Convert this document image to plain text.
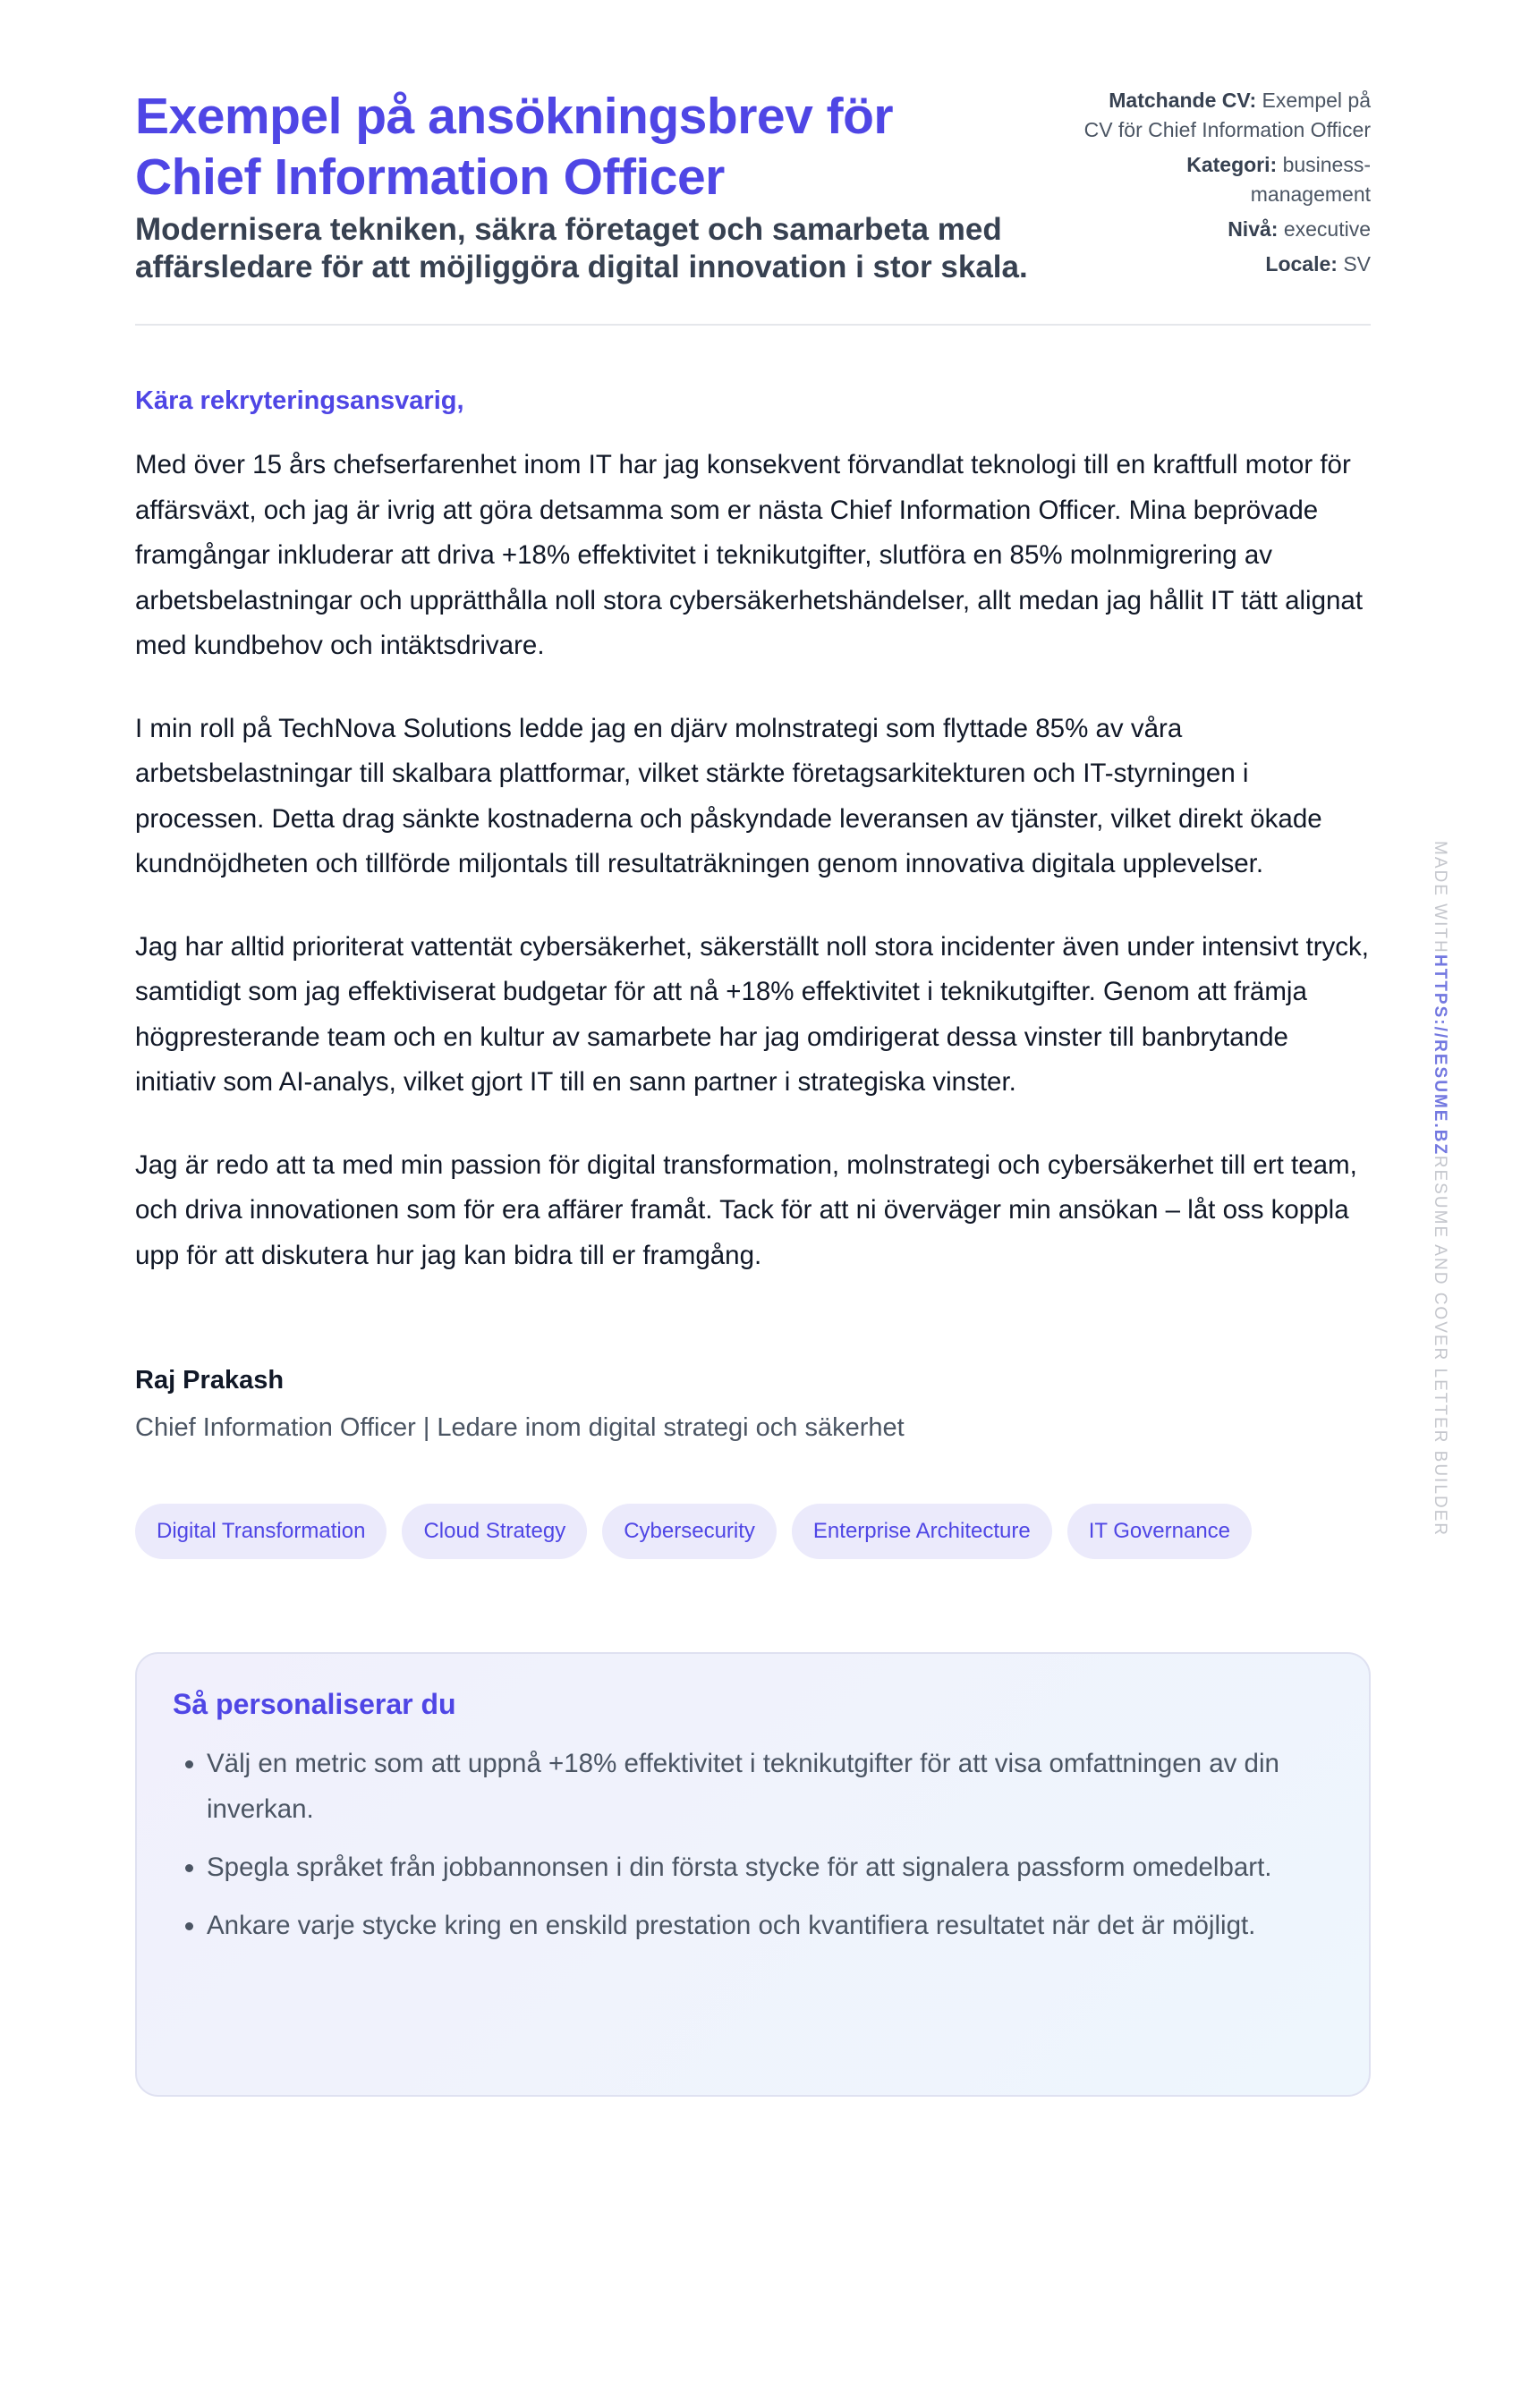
Exempel på ansökningsbrev för Chief Information Officer

Modernisera tekniken, säkra företaget och samarbeta med affärsledare för att möjliggöra digital innovation i stor skala.

Matchande CV: Exempel på CV för Chief Information Officer
Kategori: business-management
Nivå: executive
Locale: SV
Kära rekryteringsansvarig,
Med över 15 års chefserfarenhet inom IT har jag konsekvent förvandlat teknologi till en kraftfull motor för affärsväxt, och jag är ivrig att göra detsamma som er nästa Chief Information Officer. Mina beprövade framgångar inkluderar att driva +18% effektivitet i teknikutgifter, slutföra en 85% molnmigrering av arbetsbelastningar och upprätthålla noll stora cybersäkerhetshändelser, allt medan jag hållit IT tätt alignat med kundbehov och intäktsdrivare.
I min roll på TechNova Solutions ledde jag en djärv molnstrategi som flyttade 85% av våra arbetsbelastningar till skalbara plattformar, vilket stärkte företagsarkitekturen och IT-styrningen i processen. Detta drag sänkte kostnaderna och påskyndade leveransen av tjänster, vilket direkt ökade kundnöjdheten och tillförde miljontals till resultaträkningen genom innovativa digitala upplevelser.
Jag har alltid prioriterat vattentät cybersäkerhet, säkerställt noll stora incidenter även under intensivt tryck, samtidigt som jag effektiviserat budgetar för att nå +18% effektivitet i teknikutgifter. Genom att främja högpresterande team och en kultur av samarbete har jag omdirigerat dessa vinster till banbrytande initiativ som AI-analys, vilket gjort IT till en sann partner i strategiska vinster.
Jag är redo att ta med min passion för digital transformation, molnstrategi och cybersäkerhet till ert team, och driva innovationen som för era affärer framåt. Tack för att ni överväger min ansökan – låt oss koppla upp för att diskutera hur jag kan bidra till er framgång.
Raj Prakash
Chief Information Officer | Ledare inom digital strategi och säkerhet
Digital Transformation	Cloud Strategy	Cybersecurity	Enterprise Architecture	IT Governance
Så personaliserar du
• Välj en metric som att uppnå +18% effektivitet i teknikutgifter för att visa omfattningen av din inverkan.
• Spegla språket från jobbannonsen i din första stycke för att signalera passform omedelbart.
• Ankare varje stycke kring en enskild prestation och kvantifiera resultatet när det är möjligt.
MADE WITHHTTPS://RESUME.BZRESUME AND COVER LETTER BUILDER
